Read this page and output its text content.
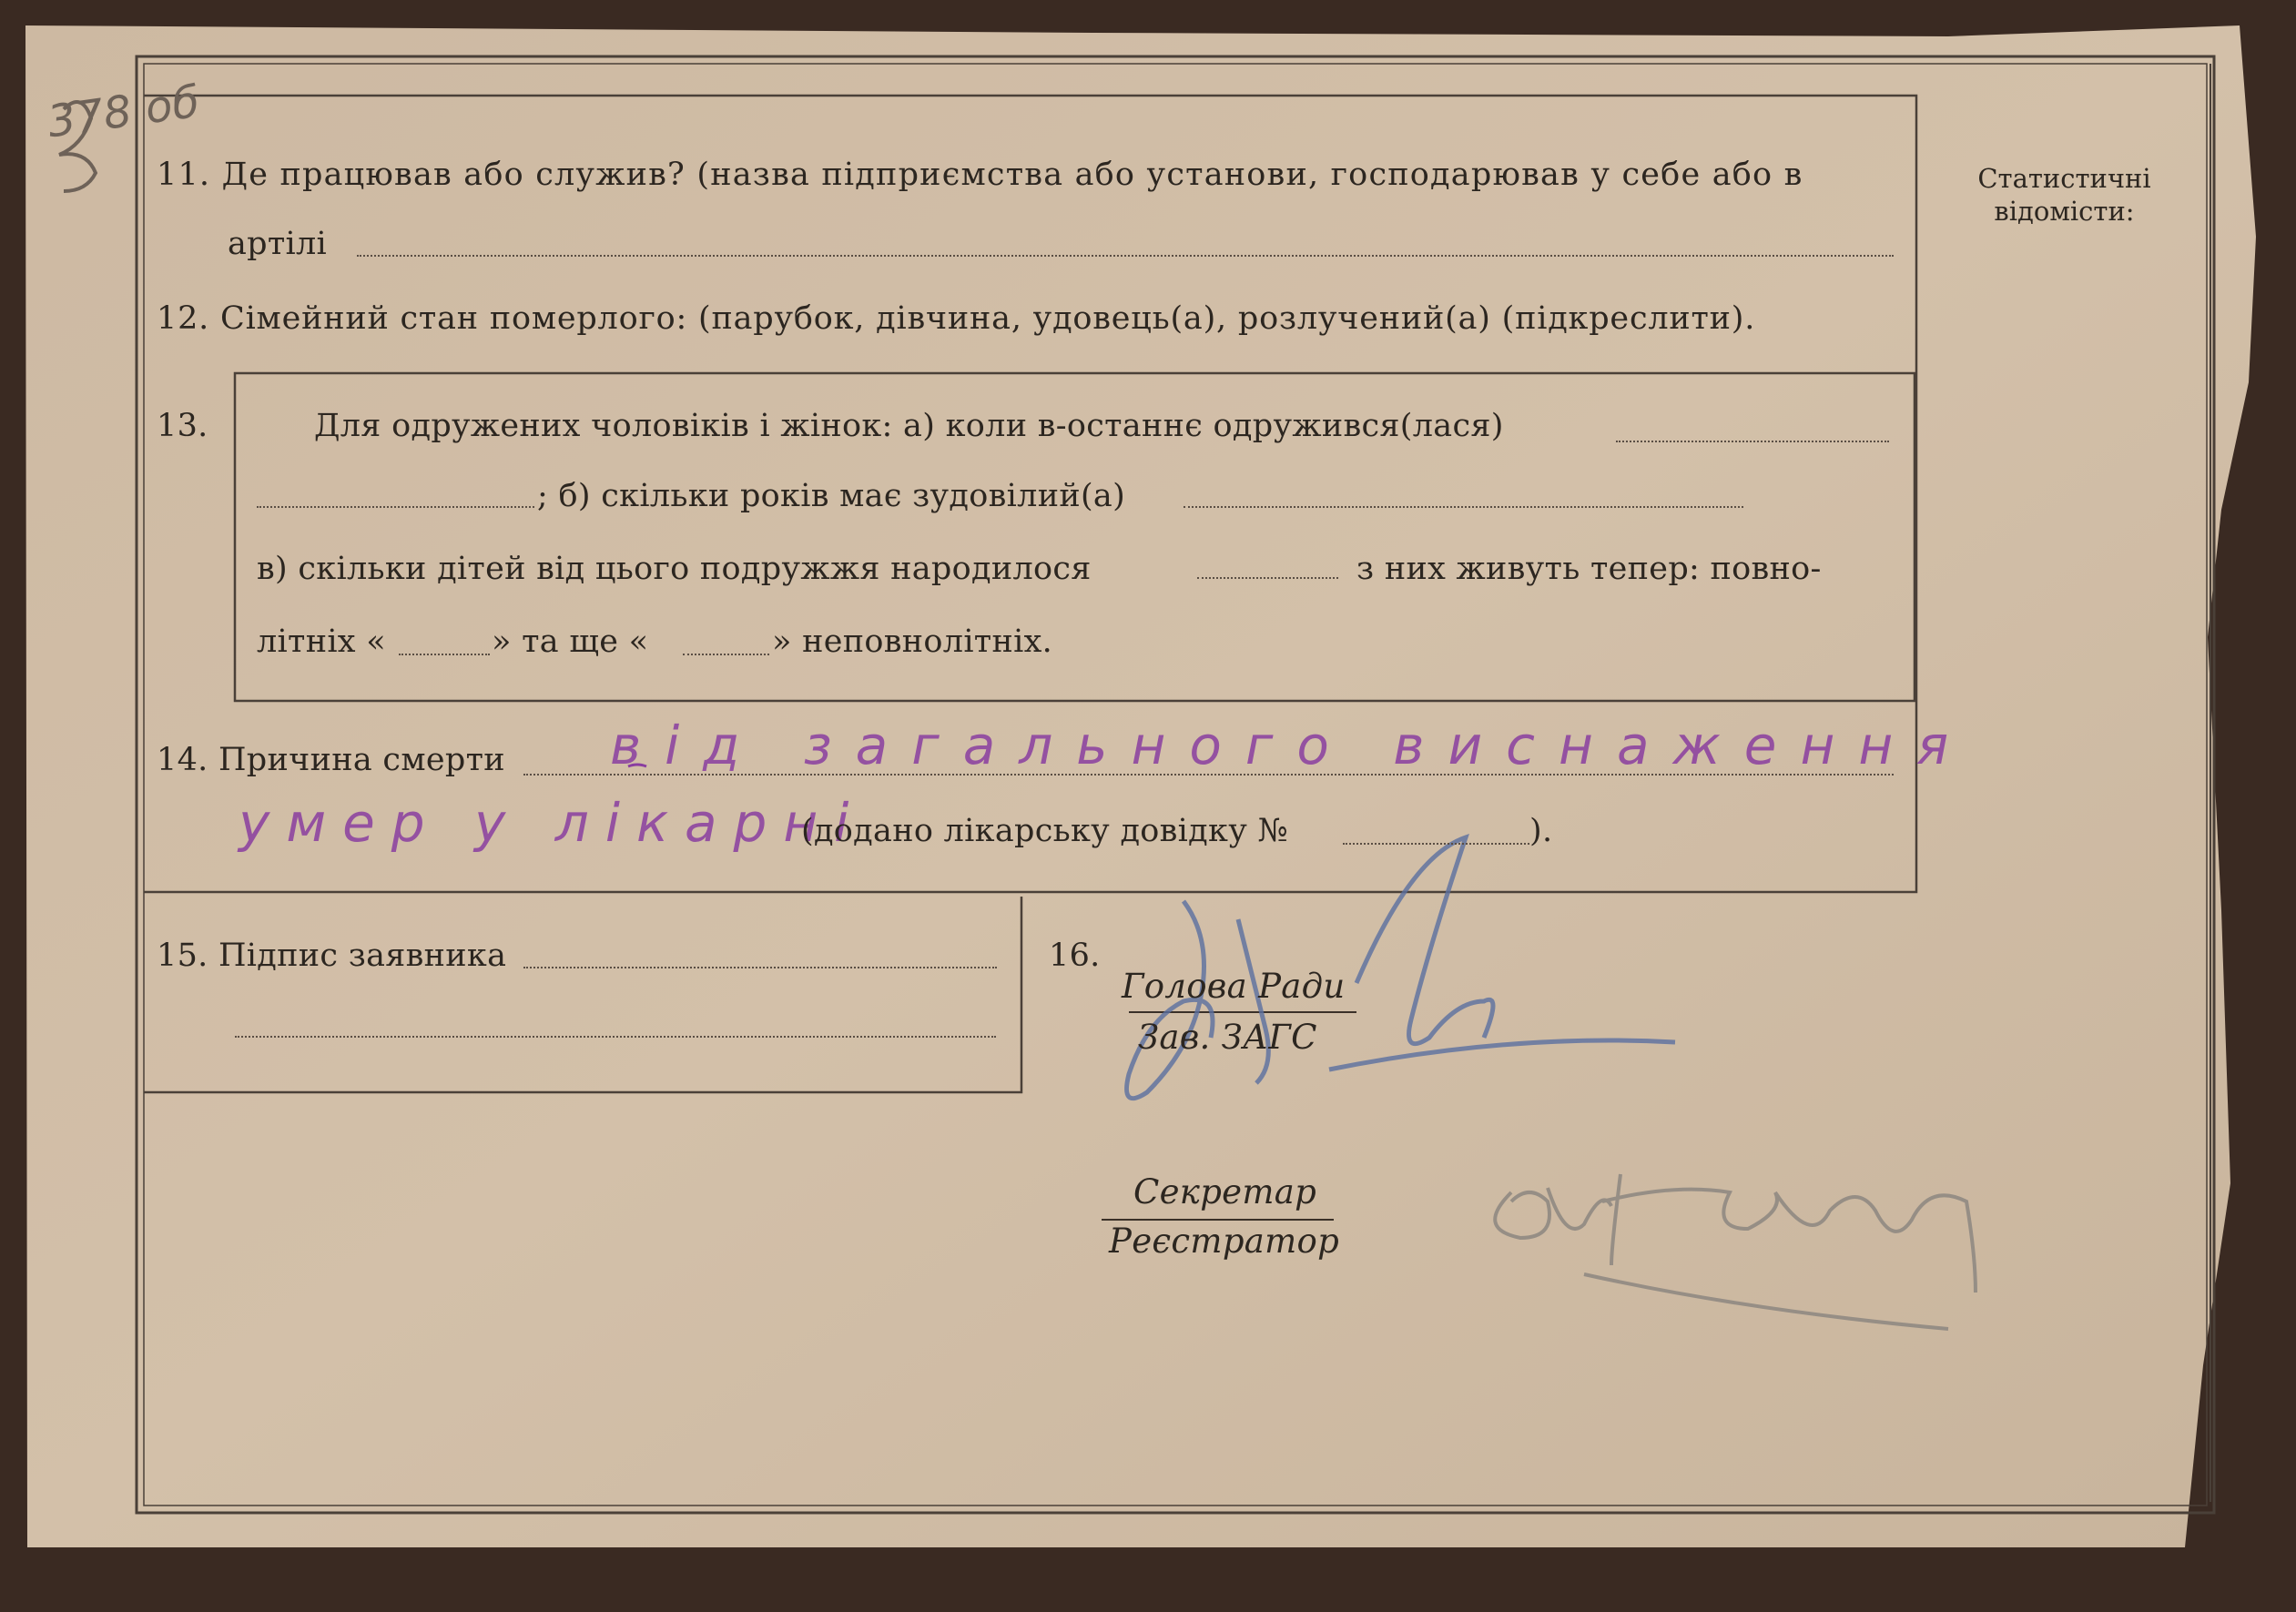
378 об
Статистичні
відомісти:
11. Де працював або служив? (назва підприємства або установи, господарював у себе або в
артілі
12. Сімейний стан померлого: (парубок, дівчина, удовець(а), розлучений(а) (підкреслити).
13.	Для одружених чоловіків і жінок: а) коли в-останнє одружився(лася)
; б) скільки років має зудовілий(а)
в) скільки дітей від цього подружжя народилося	з них живуть тепер: повно-
літніх «	» та ще «	» неповнолітніх.
14. Причина смерти від загального виснаження
умер у лікарні
(додано лікарську довідку №	).
15. Підпис заявника	16.
Голова Ради
Зав. ЗАГС
Секретар
Реєстратор
